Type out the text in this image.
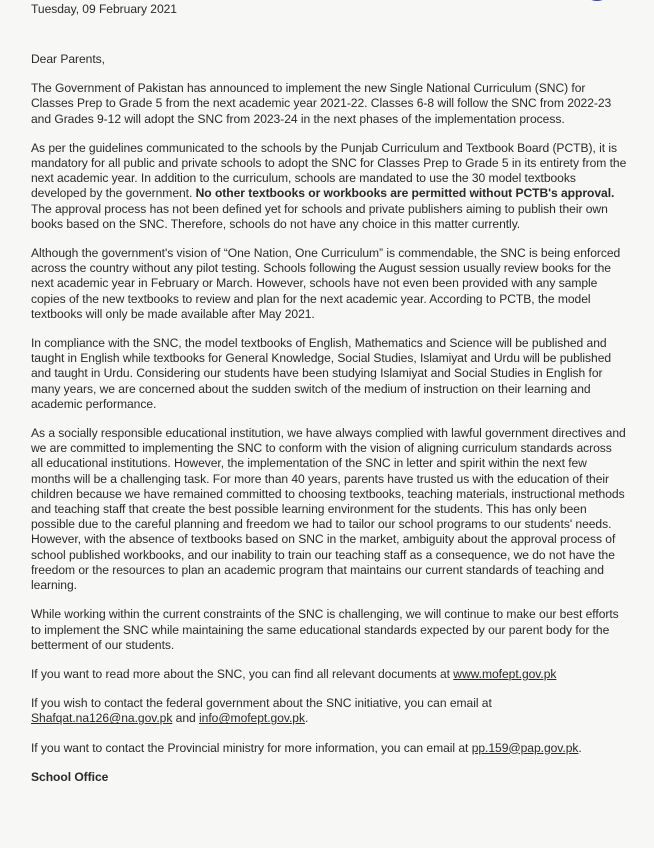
Tuesday, 09 February 2021

Dear Parents,

The Government of Pakistan has announced to implement the new Single National Curriculum (SNC) for Classes Prep to Grade 5 from the next academic year 2021-22. Classes 6-8 will follow the SNC from 2022-23 and Grades 9-12 will adopt the SNC from 2023-24 in the next phases of the implementation process.

As per the guidelines communicated to the schools by the Punjab Curriculum and Textbook Board (PCTB), it is mandatory for all public and private schools to adopt the SNC for Classes Prep to Grade 5 in its entirety from the next academic year. In addition to the curriculum, schools are mandated to use the 30 model textbooks developed by the government. No other textbooks or workbooks are permitted without PCTB's approval. The approval process has not been defined yet for schools and private publishers aiming to publish their own books based on the SNC. Therefore, schools do not have any choice in this matter currently.

Although the government's vision of “One Nation, One Curriculum” is commendable, the SNC is being enforced across the country without any pilot testing. Schools following the August session usually review books for the next academic year in February or March. However, schools have not even been provided with any sample copies of the new textbooks to review and plan for the next academic year. According to PCTB, the model textbooks will only be made available after May 2021.

In compliance with the SNC, the model textbooks of English, Mathematics and Science will be published and taught in English while textbooks for General Knowledge, Social Studies, Islamiyat and Urdu will be published and taught in Urdu. Considering our students have been studying Islamiyat and Social Studies in English for many years, we are concerned about the sudden switch of the medium of instruction on their learning and academic performance.

As a socially responsible educational institution, we have always complied with lawful government directives and we are committed to implementing the SNC to conform with the vision of aligning curriculum standards across all educational institutions. However, the implementation of the SNC in letter and spirit within the next few months will be a challenging task. For more than 40 years, parents have trusted us with the education of their children because we have remained committed to choosing textbooks, teaching materials, instructional methods and teaching staff that create the best possible learning environment for the students. This has only been possible due to the careful planning and freedom we had to tailor our school programs to our students' needs. However, with the absence of textbooks based on SNC in the market, ambiguity about the approval process of school published workbooks, and our inability to train our teaching staff as a consequence, we do not have the freedom or the resources to plan an academic program that maintains our current standards of teaching and learning.

While working within the current constraints of the SNC is challenging, we will continue to make our best efforts to implement the SNC while maintaining the same educational standards expected by our parent body for the betterment of our students.

If you want to read more about the SNC, you can find all relevant documents at www.mofept.gov.pk

If you wish to contact the federal government about the SNC initiative, you can email at
Shafqat.na126@na.gov.pk and info@mofept.gov.pk.

If you want to contact the Provincial ministry for more information, you can email at pp.159@pap.gov.pk.

School Office
